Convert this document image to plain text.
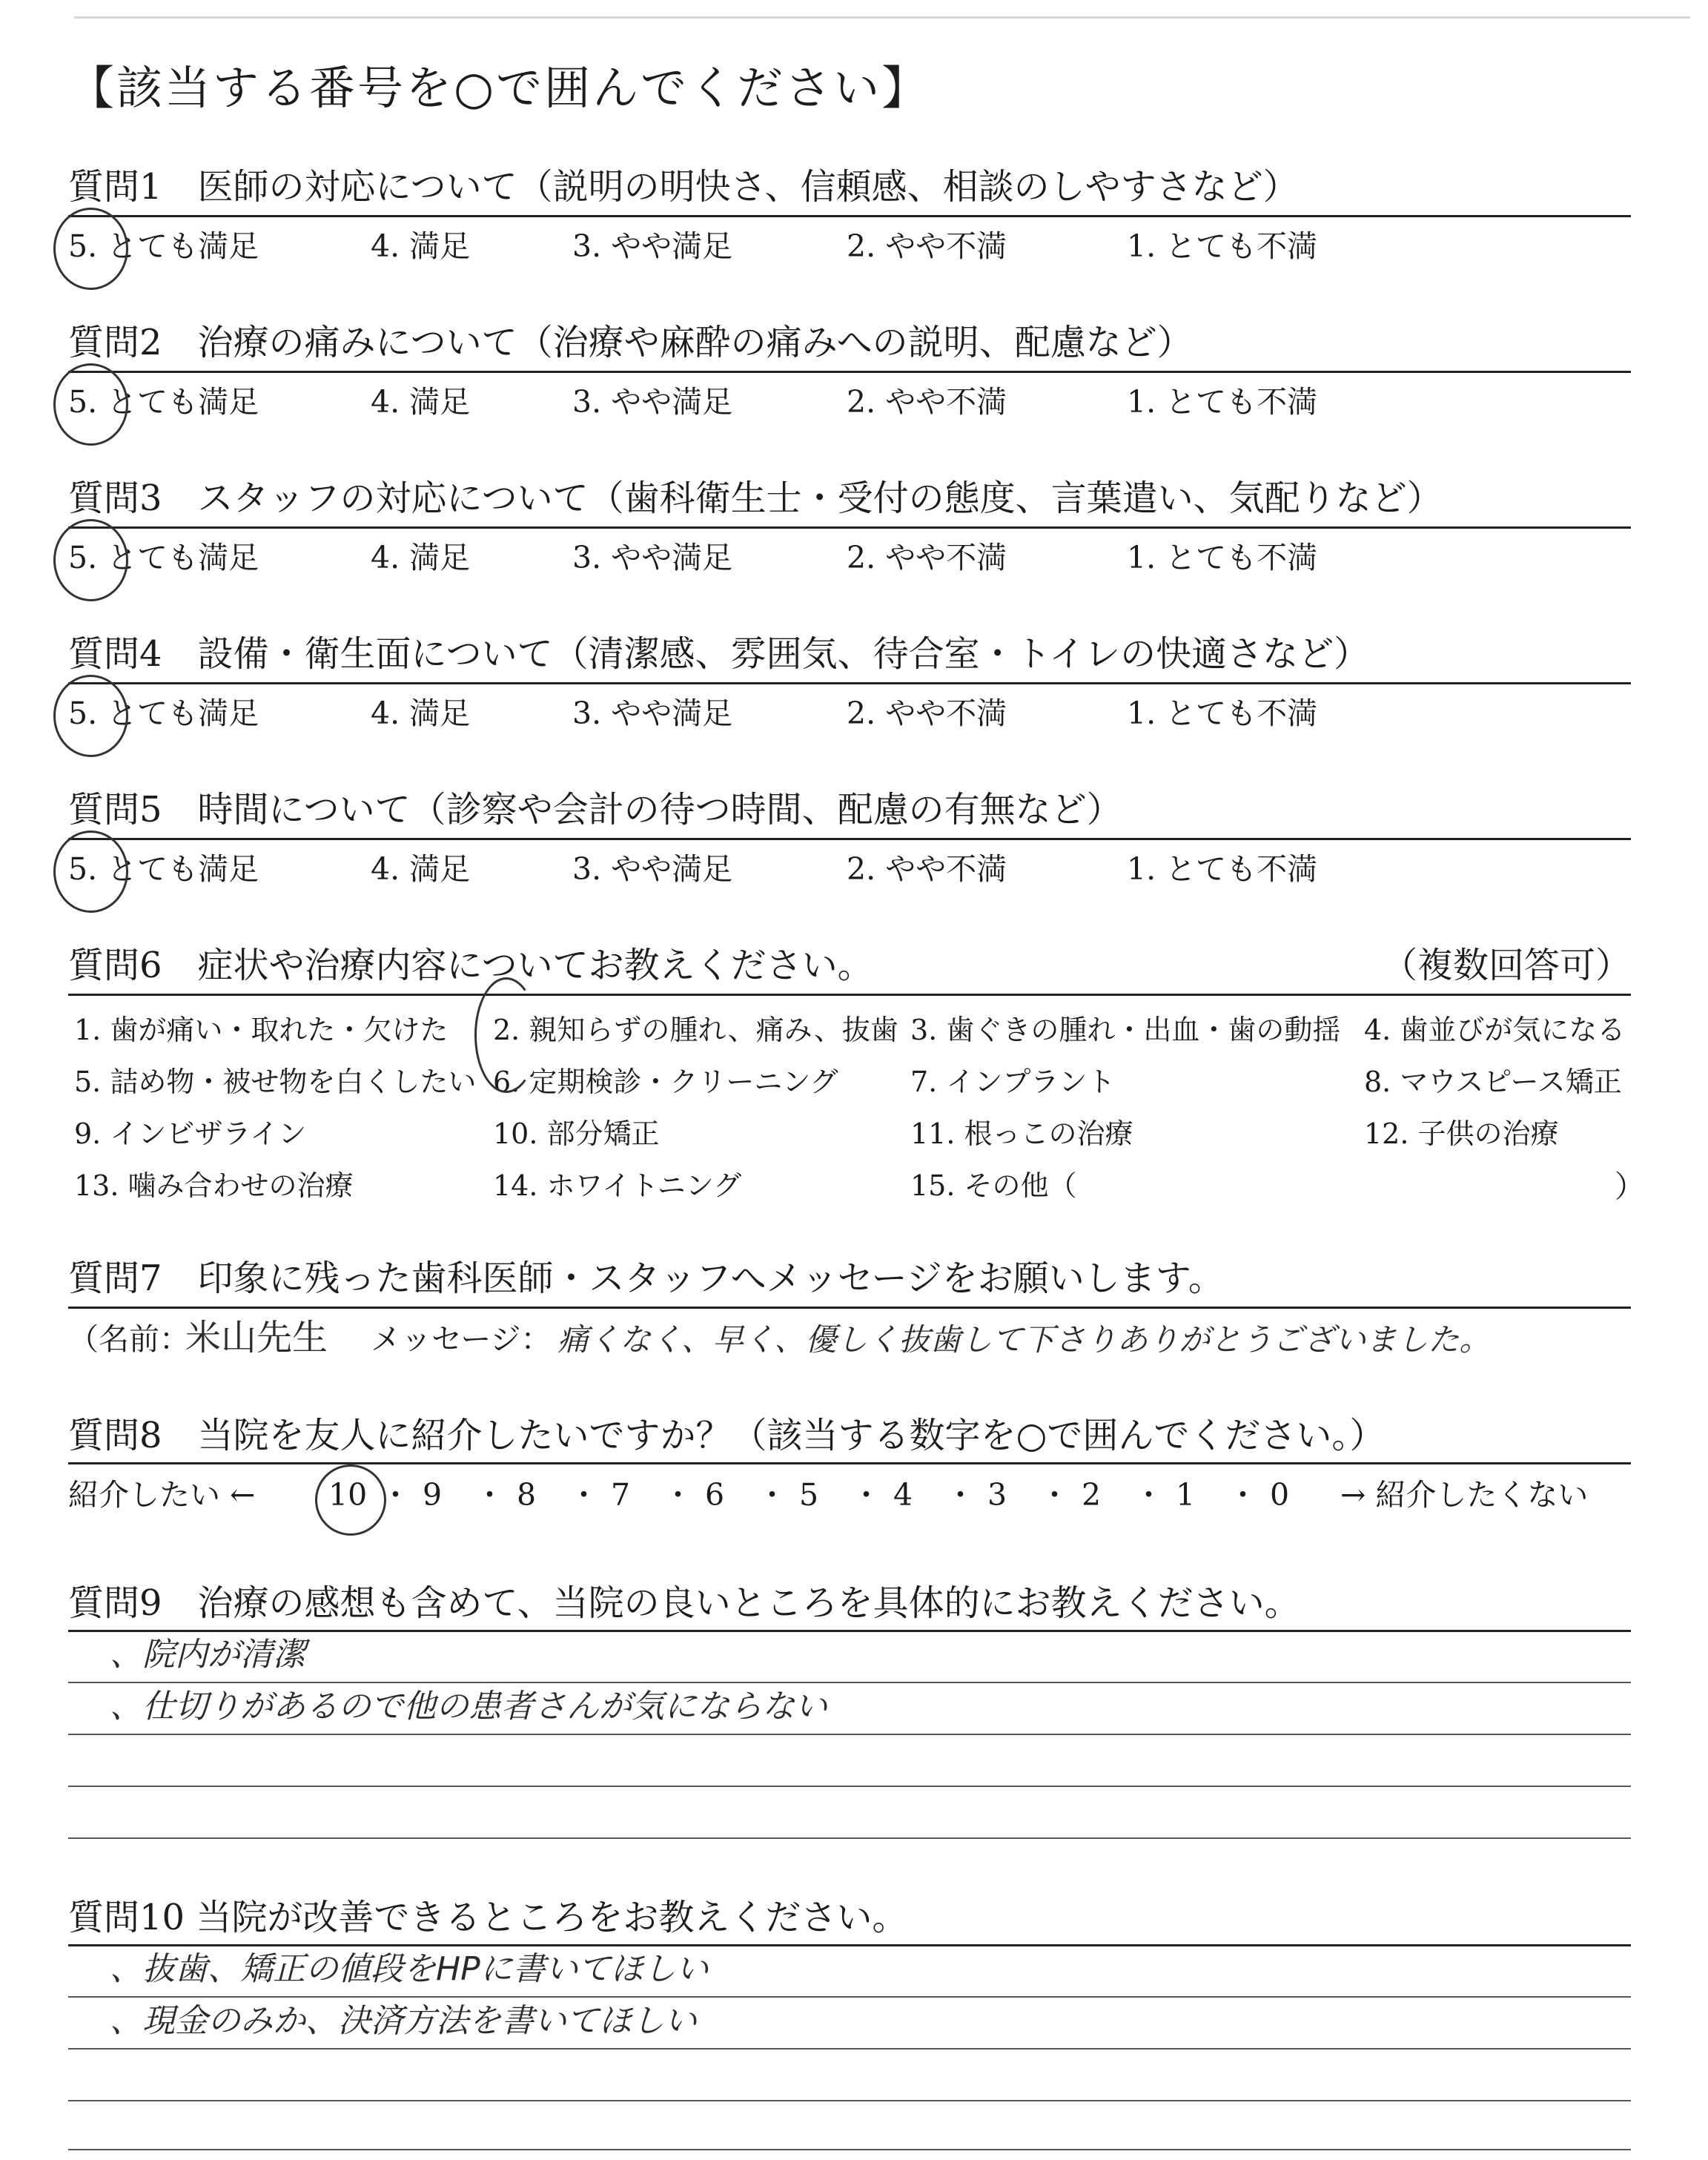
【該当する番号を○で囲んでください】
質問1　医師の対応について（説明の明快さ、信頼感、相談のしやすさなど）
5. とても満足	4. 満足	3. やや満足	2. やや不満	1. とても不満
質問2　治療の痛みについて（治療や麻酔の痛みへの説明、配慮など）
5. とても満足	4. 満足	3. やや満足	2. やや不満	1. とても不満
質問3　スタッフの対応について（歯科衛生士・受付の態度、言葉遣い、気配りなど）
5. とても満足	4. 満足	3. やや満足	2. やや不満	1. とても不満
質問4　設備・衛生面について（清潔感、雰囲気、待合室・トイレの快適さなど）
5. とても満足	4. 満足	3. やや満足	2. やや不満	1. とても不満
質問5　時間について（診察や会計の待つ時間、配慮の有無など）
5. とても満足	4. 満足	3. やや満足	2. やや不満	1. とても不満
質問6　症状や治療内容についてお教えください。	（複数回答可）
1. 歯が痛い・取れた・欠けた 2. 親知らずの腫れ、痛み、抜歯 3. 歯ぐきの腫れ・出血・歯の動揺 4. 歯並びが気になる
5. 詰め物・被せ物を白くしたい 6. 定期検診・クリーニング	7. インプラント	8. マウスピース矯正
9. インビザライン	10. 部分矯正	11. 根っこの治療	12. 子供の治療
13. 噛み合わせの治療	14. ホワイトニング	15. その他（	）
質問7　印象に残った歯科医師・スタッフへメッセージをお願いします。
（名前：
米山先生 メッセージ： 痛くなく、早く、優しく抜歯して下さりありがとうございました。
質問8　当院を友人に紹介したいですか？（該当する数字を○で囲んでください。）
紹介したい ← 10 ・ 9 ・ 8 ・ 7 ・ 6 ・ 5 ・ 4 ・ 3 ・ 2 ・ 1 ・ 0 → 紹介したくない
質問9　治療の感想も含めて、当院の良いところを具体的にお教えください。
、院内が清潔
、仕切りがあるので他の患者さんが気にならない
質問10 当院が改善できるところをお教えください。
、抜歯、矯正の値段をHPに書いてほしい
、現金のみか、決済方法を書いてほしい
